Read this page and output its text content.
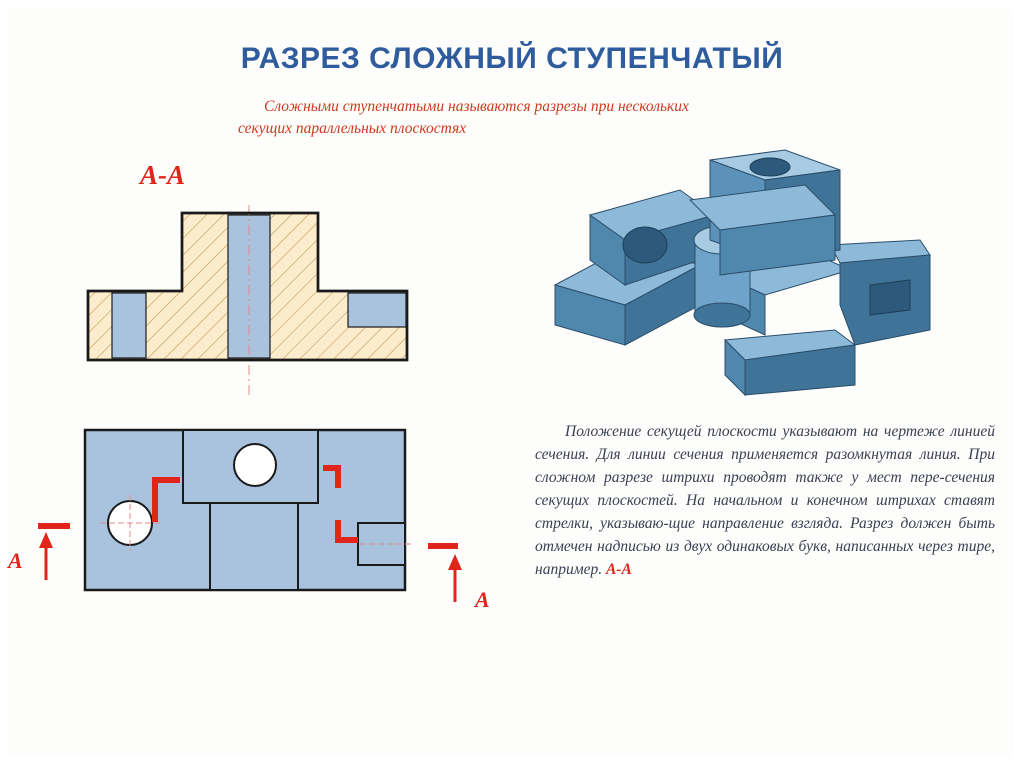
РАЗРЕЗ СЛОЖНЫЙ СТУПЕНЧАТЫЙ
Сложными ступенчатыми называются разрезы при нескольких секущих параллельных плоскостях
А-А
А
А
Положение секущей плоскости указывают на чертеже линией сечения. Для линии сечения применяется разомкнутая линия. При сложном разрезе штрихи проводят также у мест пере-сечения секущих плоскостей. На начальном и конечном штрихах ставят стрелки, указываю-щие направление взгляда. Разрез должен быть отмечен надписью из двух одинаковых букв, написанных через тире, например. А-А
